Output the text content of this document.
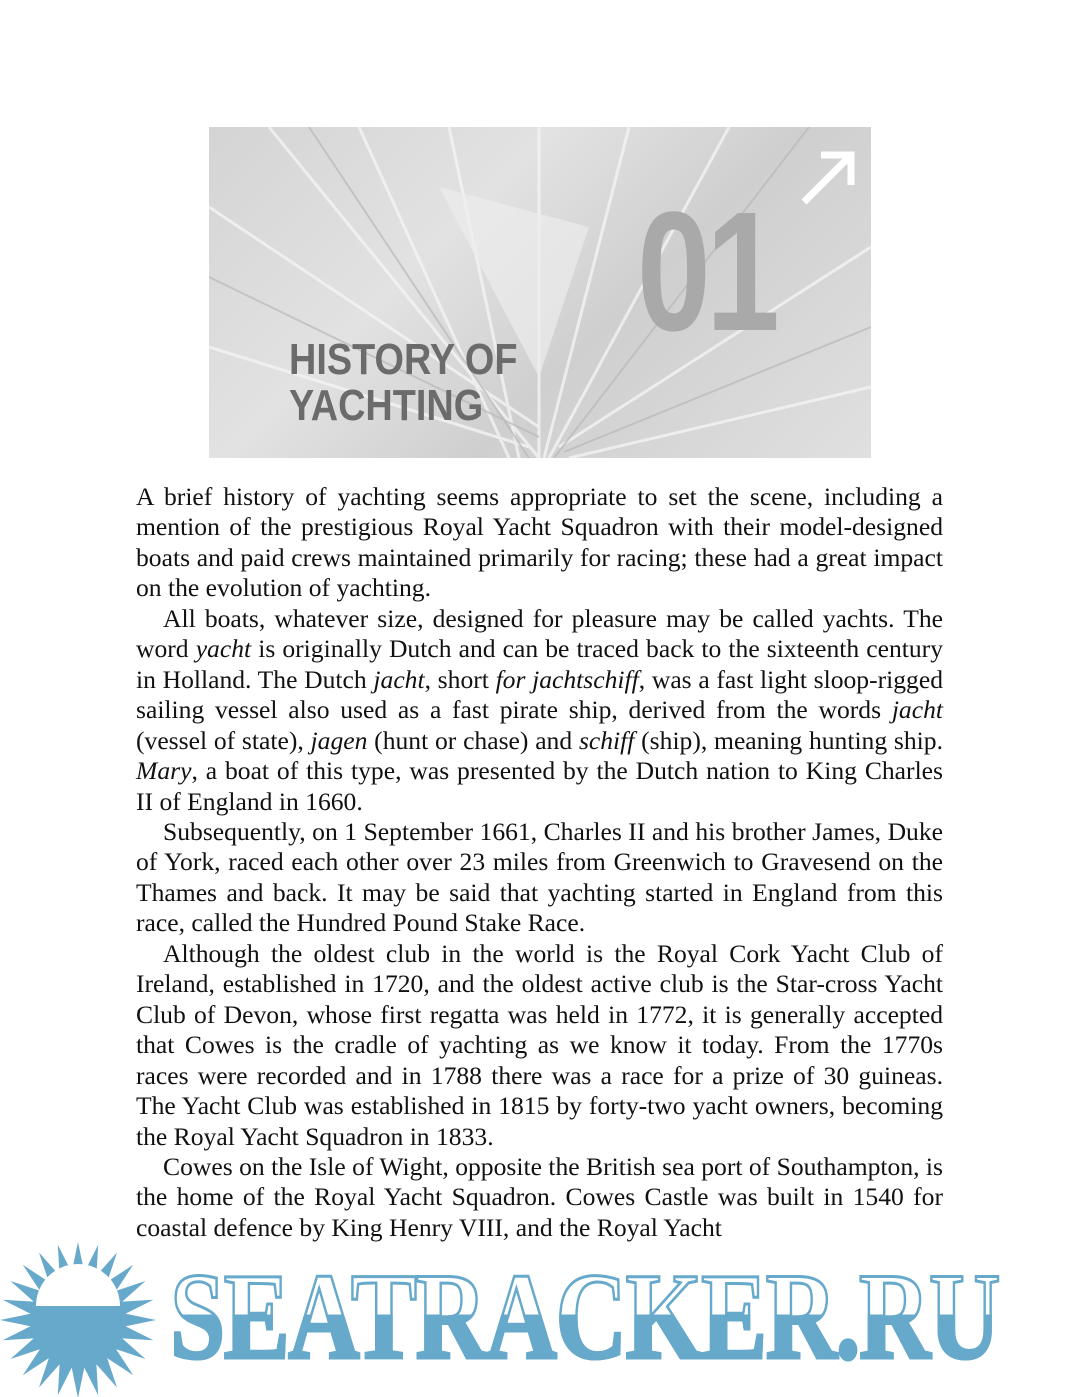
01
HISTORY OF
YACHTING

A brief history of yachting seems appropriate to set the scene, including a mention of the prestigious Royal Yacht Squadron with their model-designed boats and paid crews maintained primarily for racing; these had a great impact on the evolution of yachting.

All boats, whatever size, designed for pleasure may be called yachts. The word yacht is originally Dutch and can be traced back to the sixteenth century in Holland. The Dutch jacht, short for jachtschiff, was a fast light sloop-rigged sailing vessel also used as a fast pirate ship, derived from the words jacht (vessel of state), jagen (hunt or chase) and schiff (ship), meaning hunting ship. Mary, a boat of this type, was presented by the Dutch nation to King Charles II of England in 1660.

Subsequently, on 1 September 1661, Charles II and his brother James, Duke of York, raced each other over 23 miles from Greenwich to Gravesend on the Thames and back. It may be said that yachting started in England from this race, called the Hundred Pound Stake Race.

Although the oldest club in the world is the Royal Cork Yacht Club of Ireland, established in 1720, and the oldest active club is the Star-cross Yacht Club of Devon, whose first regatta was held in 1772, it is generally accepted that Cowes is the cradle of yachting as we know it today. From the 1770s races were recorded and in 1788 there was a race for a prize of 30 guineas. The Yacht Club was established in 1815 by forty-two yacht owners, becoming the Royal Yacht Squadron in 1833.

Cowes on the Isle of Wight, opposite the British sea port of Southampton, is the home of the Royal Yacht Squadron. Cowes Castle was built in 1540 for coastal defence by King Henry VIII, and the Royal Yacht

SEATRACKER.RU
